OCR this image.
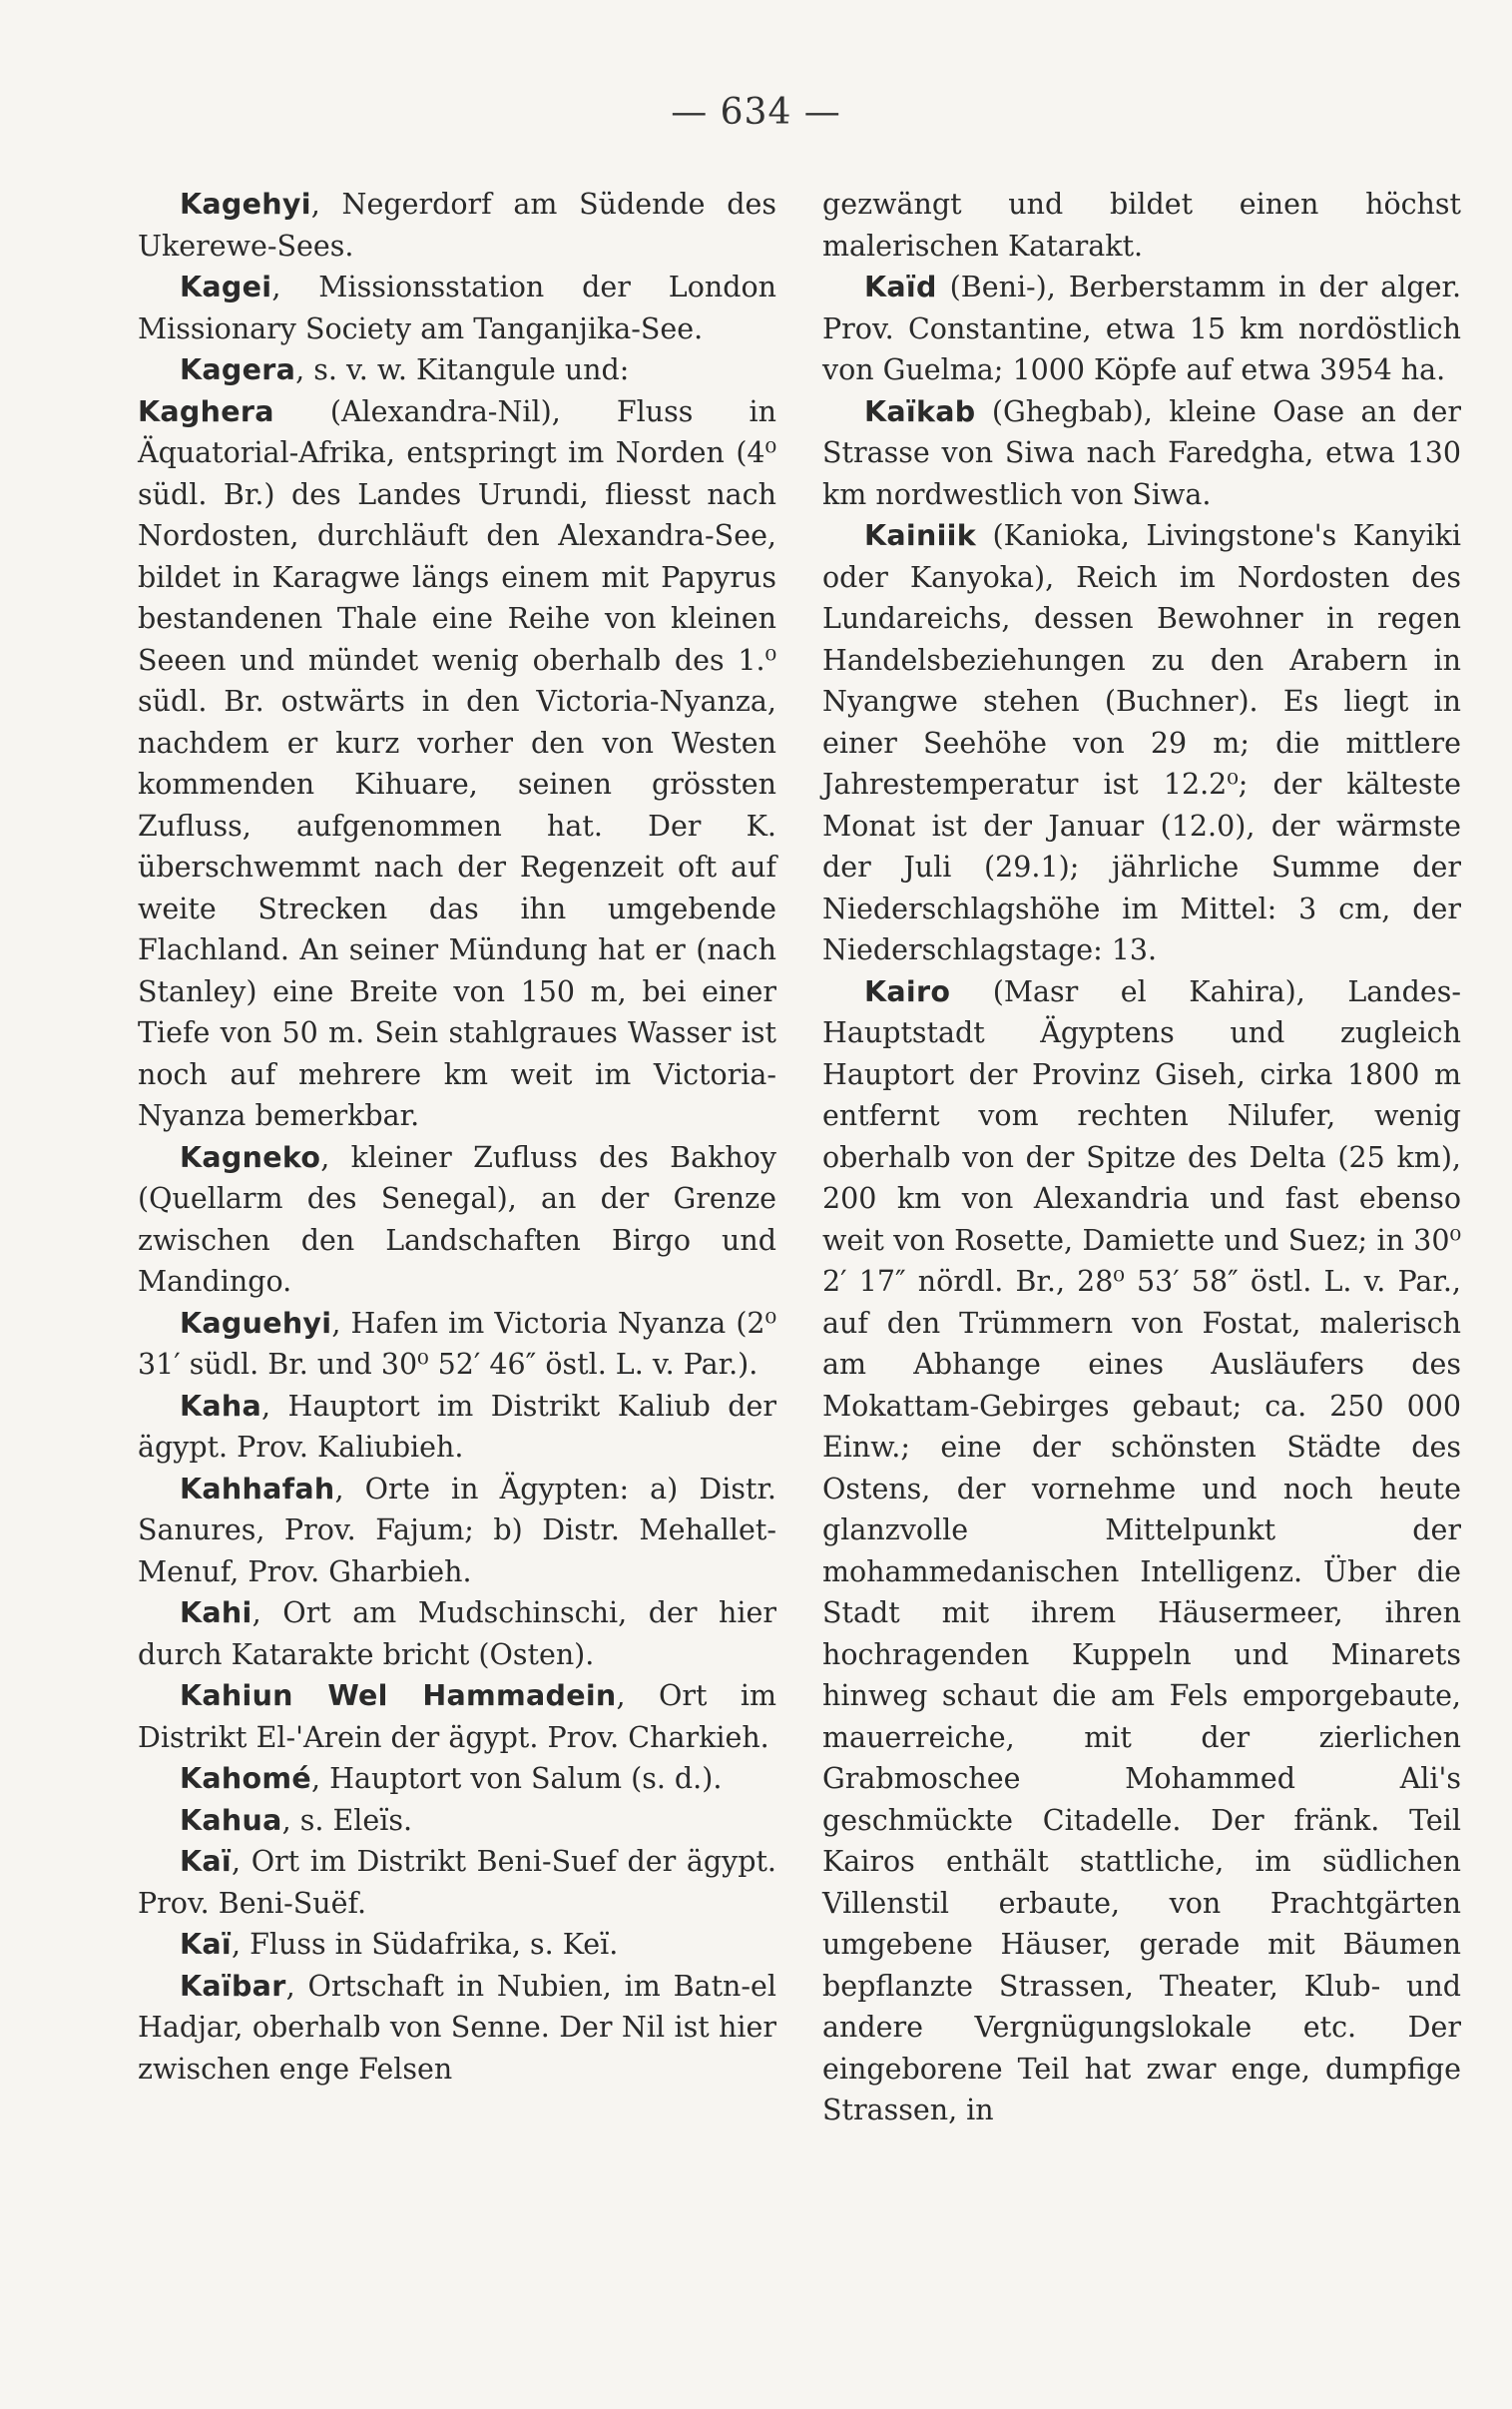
— 634 —

Kagehyi, Negerdorf am Südende des Ukerewe-Sees.

Kagei, Missionsstation der London Missionary Society am Tanganjika-See.

Kagera, s. v. w. Kitangule und:

Kaghera (Alexandra-Nil), Fluss in Äquatorial-Afrika, entspringt im Norden (4⁰ südl. Br.) des Landes Urundi, fliesst nach Nordosten, durchläuft den Alexandra-See, bildet in Karagwe längs einem mit Papyrus bestandenen Thale eine Reihe von kleinen Seeen und mündet wenig oberhalb des 1.⁰ südl. Br. ostwärts in den Victoria-Nyanza, nachdem er kurz vorher den von Westen kommenden Kihuare, seinen grössten Zufluss, aufgenommen hat. Der K. überschwemmt nach der Regenzeit oft auf weite Strecken das ihn umgebende Flachland. An seiner Mündung hat er (nach Stanley) eine Breite von 150 m, bei einer Tiefe von 50 m. Sein stahlgraues Wasser ist noch auf mehrere km weit im Victoria-Nyanza bemerkbar.

Kagneko, kleiner Zufluss des Bakhoy (Quellarm des Senegal), an der Grenze zwischen den Landschaften Birgo und Mandingo.

Kaguehyi, Hafen im Victoria Nyanza (2⁰ 31′ südl. Br. und 30⁰ 52′ 46″ östl. L. v. Par.).

Kaha, Hauptort im Distrikt Kaliub der ägypt. Prov. Kaliubieh.

Kahhafah, Orte in Ägypten: a) Distr. Sanures, Prov. Fajum; b) Distr. Mehallet-Menuf, Prov. Gharbieh.

Kahi, Ort am Mudschinschi, der hier durch Katarakte bricht (Osten).

Kahiun Wel Hammadein, Ort im Distrikt El-'Arein der ägypt. Prov. Charkieh.

Kahomé, Hauptort von Salum (s. d.).

Kahua, s. Eleïs.

Kaï, Ort im Distrikt Beni-Suef der ägypt. Prov. Beni-Suëf.

Kaï, Fluss in Südafrika, s. Keï.

Kaïbar, Ortschaft in Nubien, im Batn-el Hadjar, oberhalb von Senne. Der Nil ist hier zwischen enge Felsen

gezwängt und bildet einen höchst malerischen Katarakt.

Kaïd (Beni-), Berberstamm in der alger. Prov. Constantine, etwa 15 km nordöstlich von Guelma; 1000 Köpfe auf etwa 3954 ha.

Kaïkab (Ghegbab), kleine Oase an der Strasse von Siwa nach Faredgha, etwa 130 km nordwestlich von Siwa.

Kainiik (Kanioka, Livingstone's Kanyiki oder Kanyoka), Reich im Nordosten des Lundareichs, dessen Bewohner in regen Handelsbeziehungen zu den Arabern in Nyangwe stehen (Buchner). Es liegt in einer Seehöhe von 29 m; die mittlere Jahrestemperatur ist 12.2⁰; der kälteste Monat ist der Januar (12.0), der wärmste der Juli (29.1); jährliche Summe der Niederschlagshöhe im Mittel: 3 cm, der Niederschlagstage: 13.

Kairo (Masr el Kahira), Landes-Hauptstadt Ägyptens und zugleich Hauptort der Provinz Giseh, cirka 1800 m entfernt vom rechten Nilufer, wenig oberhalb von der Spitze des Delta (25 km), 200 km von Alexandria und fast ebenso weit von Rosette, Damiette und Suez; in 30⁰ 2′ 17″ nördl. Br., 28⁰ 53′ 58″ östl. L. v. Par., auf den Trümmern von Fostat, malerisch am Abhange eines Ausläufers des Mokattam-Gebirges gebaut; ca. 250 000 Einw.; eine der schönsten Städte des Ostens, der vornehme und noch heute glanzvolle Mittelpunkt der mohammedanischen Intelligenz. Über die Stadt mit ihrem Häusermeer, ihren hochragenden Kuppeln und Minarets hinweg schaut die am Fels emporgebaute, mauerreiche, mit der zierlichen Grabmoschee Mohammed Ali's geschmückte Citadelle. Der fränk. Teil Kairos enthält stattliche, im südlichen Villenstil erbaute, von Prachtgärten umgebene Häuser, gerade mit Bäumen bepflanzte Strassen, Theater, Klub- und andere Vergnügungslokale etc. Der eingeborene Teil hat zwar enge, dumpfige Strassen, in
